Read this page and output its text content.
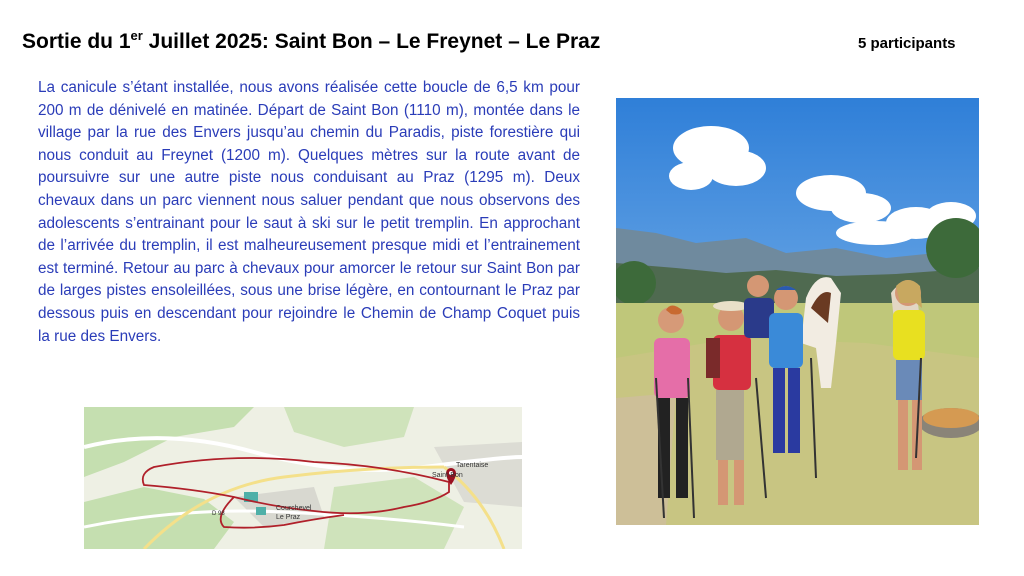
Sortie du 1er Juillet 2025: Saint Bon – Le Freynet – Le Praz	5 participants
La canicule s’étant installée, nous avons réalisée cette boucle de 6,5 km pour 200 m de dénivelé en matinée. Départ de Saint Bon (1110 m), montée dans le village par la rue des Envers jusqu’au chemin du Paradis, piste forestière qui nous conduit au Freynet (1200 m). Quelques mètres sur la route avant de poursuivre sur une autre piste nous conduisant au Praz (1295 m). Deux chevaux dans un parc viennent nous saluer pendant que nous observons des adolescents s’entrainant pour le saut à ski sur le petit tremplin. En approchant de l’arrivée du tremplin, il est malheureusement presque midi et l’entrainement est terminé. Retour au parc à chevaux pour amorcer le retour sur Saint Bon par de larges pistes ensoleillées, sous une brise légère, en contournant le Praz par dessous puis en descendant pour rejoindre le Chemin de Champ Coquet puis la rue des Envers.
Saint-Bon
Courchevel
Le Praz
Tarentaise
D 98
